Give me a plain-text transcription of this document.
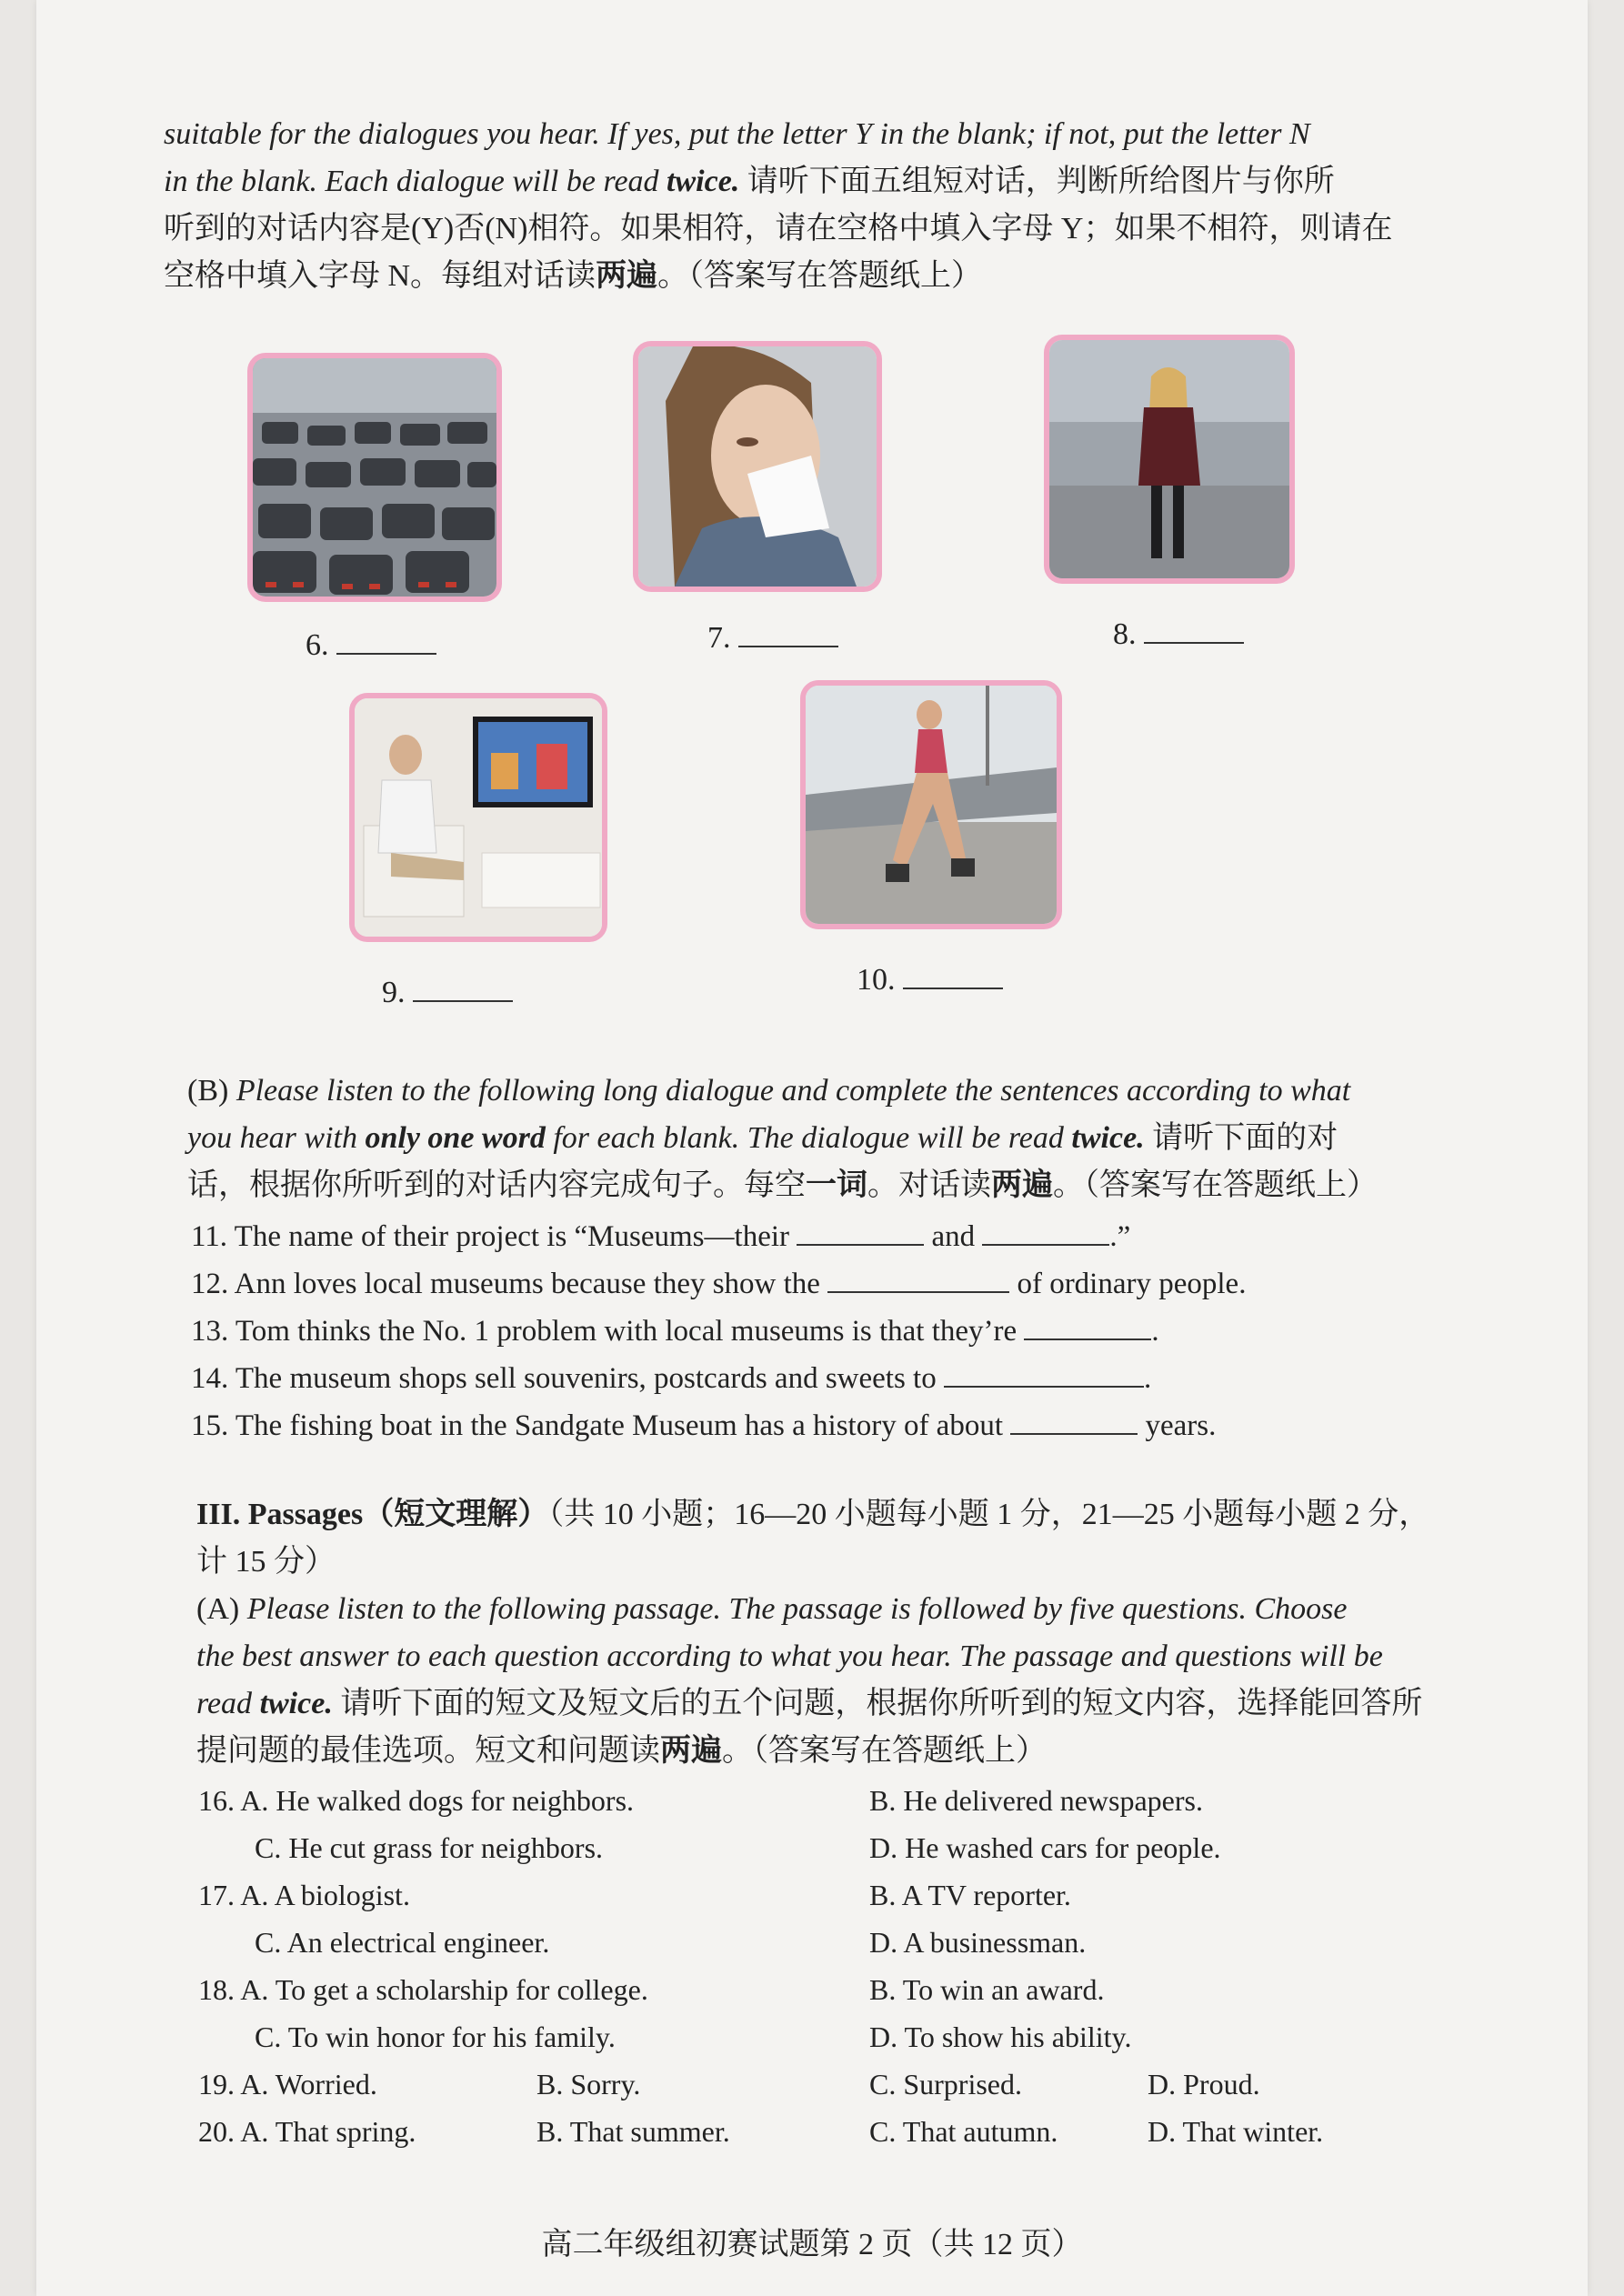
suitable for the dialogues you hear. If yes, put the letter Y in the blank; if not, put the letter N
in the blank. Each dialogue will be read twice. 请听下面五组短对话，判断所给图片与你所
听到的对话内容是(Y)否(N)相符。如果相符，请在空格中填入字母 Y；如果不相符，则请在
空格中填入字母 N。每组对话读两遍。（答案写在答题纸上）
6.	7.	8.
9.	10.
(B) Please listen to the following long dialogue and complete the sentences according to what
you hear with only one word for each blank. The dialogue will be read twice. 请听下面的对
话，根据你所听到的对话内容完成句子。每空一词。对话读两遍。（答案写在答题纸上）
11. The name of their project is “Museums—their	and	.”
12. Ann loves local museums because they show the	of ordinary people.
13. Tom thinks the No. 1 problem with local museums is that they’re	.
14. The museum shops sell souvenirs, postcards and sweets to	.
15. The fishing boat in the Sandgate Museum has a history of about	years.
III. Passages（短文理解）（共 10 小题；16—20 小题每小题 1 分，21—25 小题每小题 2 分，
计 15 分）
(A) Please listen to the following passage. The passage is followed by five questions. Choose
the best answer to each question according to what you hear. The passage and questions will be
read twice. 请听下面的短文及短文后的五个问题，根据你所听到的短文内容，选择能回答所
提问题的最佳选项。短文和问题读两遍。（答案写在答题纸上）
16. A. He walked dogs for neighbors.	B. He delivered newspapers.
C. He cut grass for neighbors.	D. He washed cars for people.
17. A. A biologist.	B. A TV reporter.
C. An electrical engineer.	D. A businessman.
18. A. To get a scholarship for college.	B. To win an award.
C. To win honor for his family.	D. To show his ability.
19. A. Worried.	B. Sorry.	C. Surprised.	D. Proud.
20. A. That spring.	B. That summer.	C. That autumn.	D. That winter.
高二年级组初赛试题第 2 页（共 12 页）
